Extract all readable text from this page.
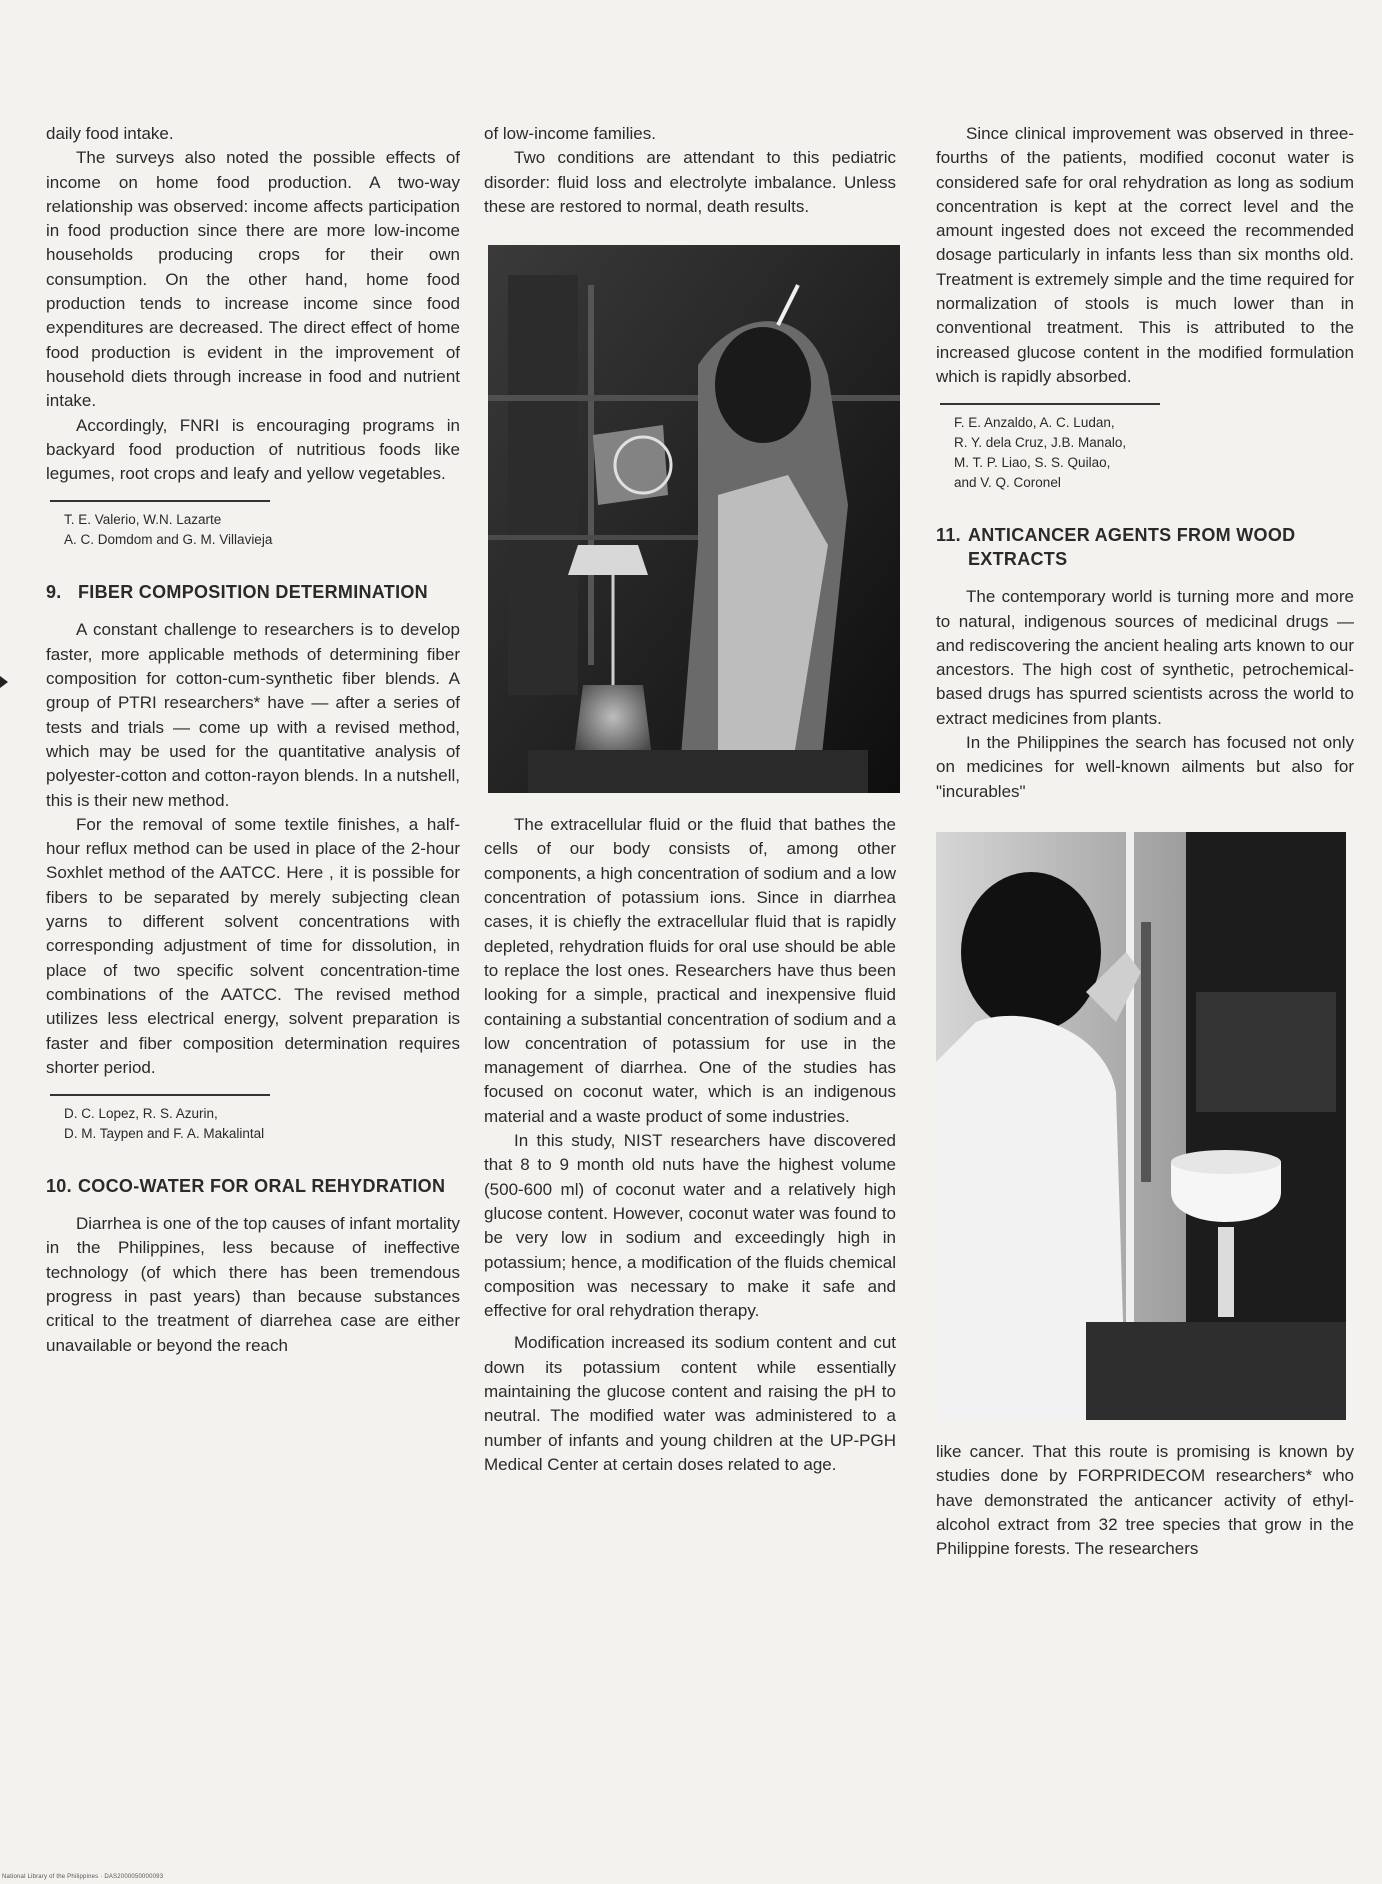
daily food intake.

The surveys also noted the possible effects of income on home food production. A two-way relationship was observed: income affects participation in food production since there are more low-income households producing crops for their own consumption. On the other hand, home food production tends to increase income since food expenditures are decreased. The direct effect of home food production is evident in the improvement of household diets through increase in food and nutrient intake.

Accordingly, FNRI is encouraging programs in backyard food production of nutritious foods like legumes, root crops and leafy and yellow vegetables.

T. E. Valerio, W.N. Lazarte
A. C. Domdom and G. M. Villavieja
9. FIBER COMPOSITION DETERMINATION

A constant challenge to researchers is to develop faster, more applicable methods of determining fiber composition for cotton-cum-synthetic fiber blends. A group of PTRI researchers* have — after a series of tests and trials — come up with a revised method, which may be used for the quantitative analysis of polyester-cotton and cotton-rayon blends. In a nutshell, this is their new method.

For the removal of some textile finishes, a half-hour reflux method can be used in place of the 2-hour Soxhlet method of the AATCC. Here , it is possible for fibers to be separated by merely subjecting clean yarns to different solvent concentrations with corresponding adjustment of time for dissolution, in place of two specific solvent concentration-time combinations of the AATCC. The revised method utilizes less electrical energy, solvent preparation is faster and fiber composition determination requires shorter period.

D. C. Lopez, R. S. Azurin,
D. M. Taypen and F. A. Makalintal
10. COCO-WATER FOR ORAL REHYDRATION

Diarrhea is one of the top causes of infant mortality in the Philippines, less because of ineffective technology (of which there has been tremendous progress in past years) than because substances critical to the treatment of diarrehea case are either unavailable or beyond the reach

of low-income families.

Two conditions are attendant to this pediatric disorder: fluid loss and electrolyte imbalance. Unless these are restored to normal, death results.

The extracellular fluid or the fluid that bathes the cells of our body consists of, among other components, a high concentration of sodium and a low concentration of potassium ions. Since in diarrhea cases, it is chiefly the extracellular fluid that is rapidly depleted, rehydration fluids for oral use should be able to replace the lost ones. Researchers have thus been looking for a simple, practical and inexpensive fluid containing a substantial concentration of sodium and a low concentration of potassium for use in the management of diarrhea. One of the studies has focused on coconut water, which is an indigenous material and a waste product of some industries.

In this study, NIST researchers have discovered that 8 to 9 month old nuts have the highest volume (500-600 ml) of coconut water and a relatively high glucose content. However, coconut water was found to be very low in sodium and exceedingly high in potassium; hence, a modification of the fluids chemical composition was necessary to make it safe and effective for oral rehydration therapy.

Modification increased its sodium content and cut down its potassium content while essentially maintaining the glucose content and raising the pH to neutral. The modified water was administered to a number of infants and young children at the UP-PGH Medical Center at certain doses related to age.

Since clinical improvement was observed in three-fourths of the patients, modified coconut water is considered safe for oral rehydration as long as sodium concentration is kept at the correct level and the amount ingested does not exceed the recommended dosage particularly in infants less than six months old. Treatment is extremely simple and the time required for normalization of stools is much lower than in conventional treatment. This is attributed to the increased glucose content in the modified formulation which is rapidly absorbed.

F. E. Anzaldo, A. C. Ludan,
R. Y. dela Cruz, J.B. Manalo,
M. T. P. Liao, S. S. Quilao,
and V. Q. Coronel
11. ANTICANCER AGENTS FROM WOOD EXTRACTS

The contemporary world is turning more and more to natural, indigenous sources of medicinal drugs — and rediscovering the ancient healing arts known to our ancestors. The high cost of synthetic, petrochemical-based drugs has spurred scientists across the world to extract medicines from plants.

In the Philippines the search has focused not only on medicines for well-known ailments but also for "incurables"

like cancer. That this route is promising is known by studies done by FORPRIDECOM researchers* who have demonstrated the anticancer activity of ethyl-alcohol extract from 32 tree species that grow in the Philippine forests. The researchers

National Library of the Philippines · DAS2000050000093
